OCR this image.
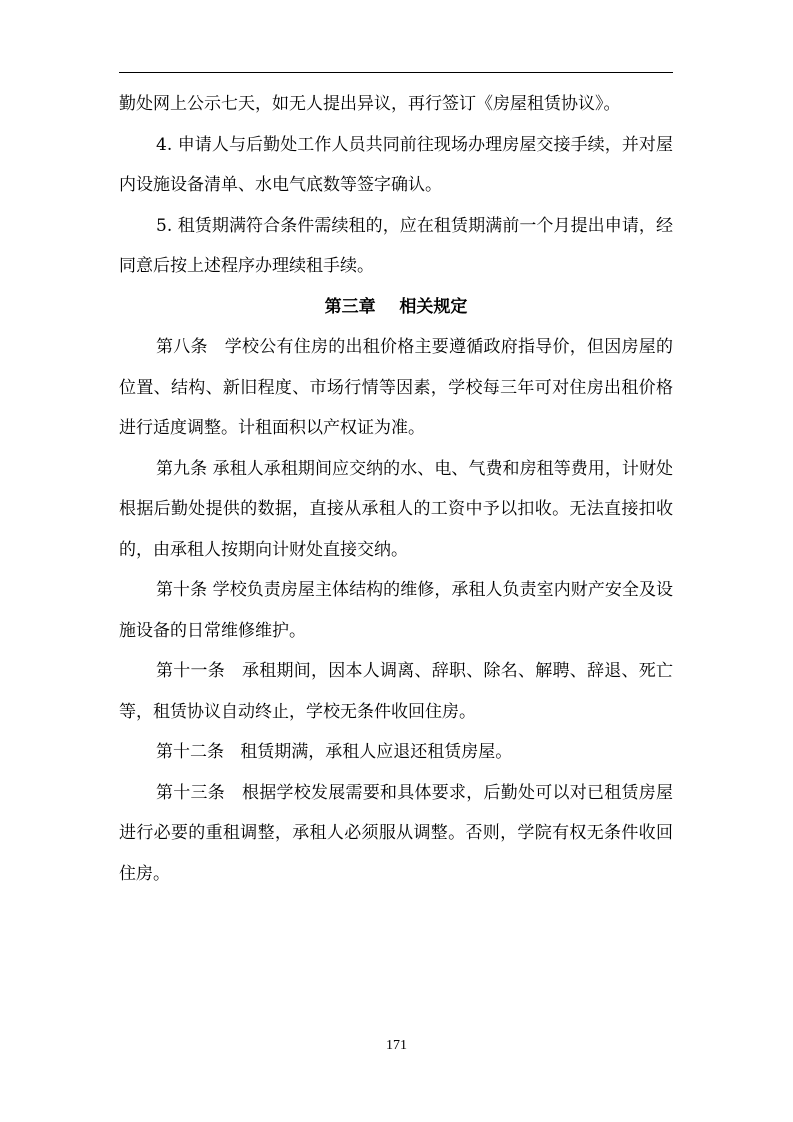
勤处网上公示七天，如无人提出异议，再行签订《房屋租赁协议》。

4. 申请人与后勤处工作人员共同前往现场办理房屋交接手续，并对屋内设施设备清单、水电气底数等签字确认。

5. 租赁期满符合条件需续租的，应在租赁期满前一个月提出申请，经同意后按上述程序办理续租手续。

第三章 相关规定

第八条 学校公有住房的出租价格主要遵循政府指导价，但因房屋的位置、结构、新旧程度、市场行情等因素，学校每三年可对住房出租价格进行适度调整。计租面积以产权证为准。

第九条 承租人承租期间应交纳的水、电、气费和房租等费用，计财处根据后勤处提供的数据，直接从承租人的工资中予以扣收。无法直接扣收的，由承租人按期向计财处直接交纳。

第十条 学校负责房屋主体结构的维修，承租人负责室内财产安全及设施设备的日常维修维护。

第十一条 承租期间，因本人调离、辞职、除名、解聘、辞退、死亡等，租赁协议自动终止，学校无条件收回住房。

第十二条 租赁期满，承租人应退还租赁房屋。

第十三条 根据学校发展需要和具体要求，后勤处可以对已租赁房屋进行必要的重租调整，承租人必须服从调整。否则，学院有权无条件收回住房。

171
